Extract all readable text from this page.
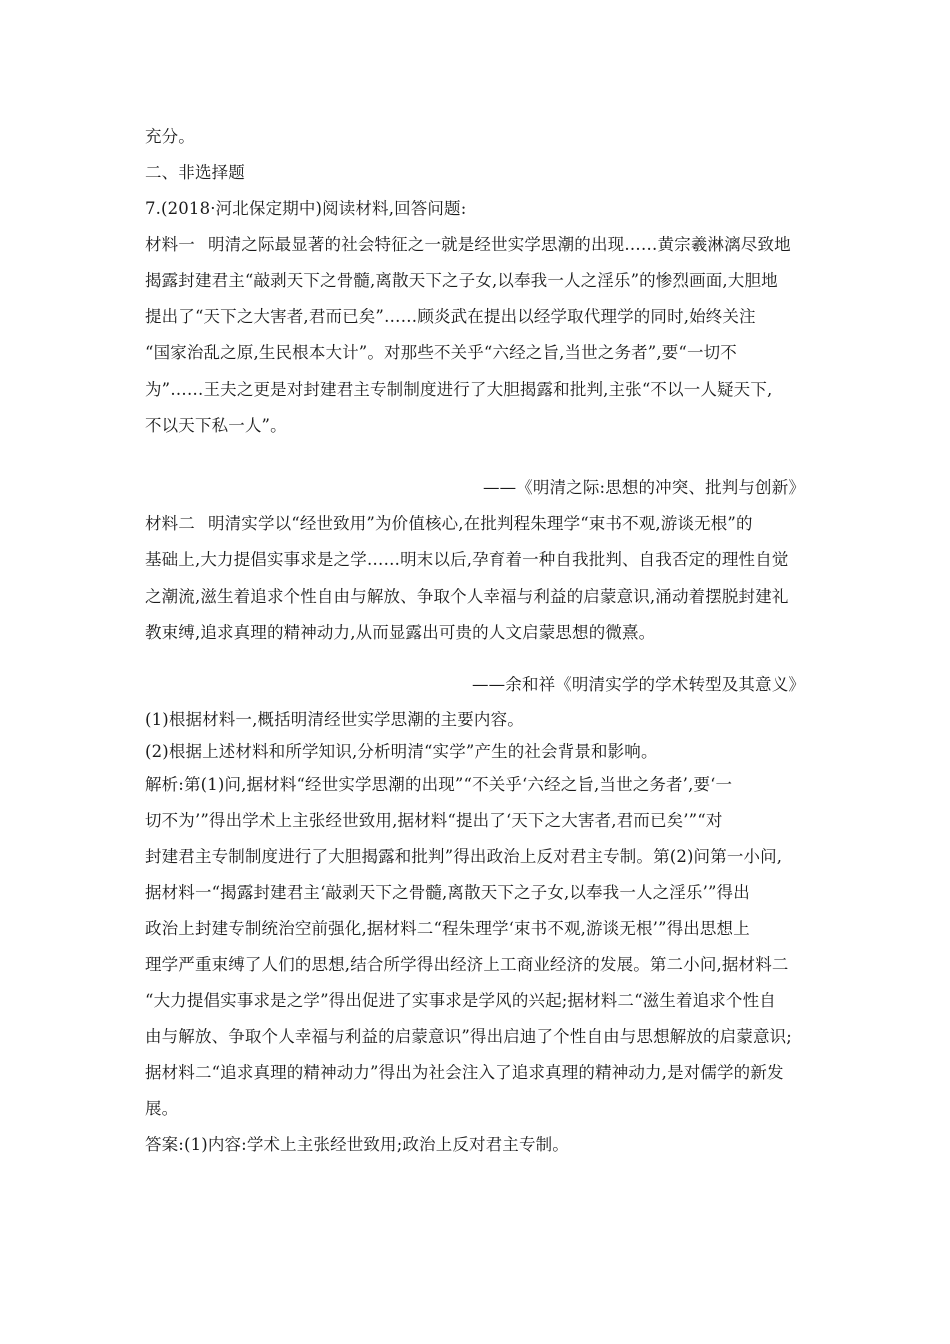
充分。
二、非选择题
7.(2018·河北保定期中)阅读材料,回答问题:
材料一 明清之际最显著的社会特征之一就是经世实学思潮的出现……黄宗羲淋漓尽致地
揭露封建君主“敲剥天下之骨髓,离散天下之子女,以奉我一人之淫乐”的惨烈画面,大胆地
提出了“天下之大害者,君而已矣”……顾炎武在提出以经学取代理学的同时,始终关注
“国家治乱之原,生民根本大计”。对那些不关乎“六经之旨,当世之务者”,要“一切不
为”……王夫之更是对封建君主专制制度进行了大胆揭露和批判,主张“不以一人疑天下,
不以天下私一人”。
——《明清之际:思想的冲突、批判与创新》
材料二 明清实学以“经世致用”为价值核心,在批判程朱理学“束书不观,游谈无根”的
基础上,大力提倡实事求是之学……明末以后,孕育着一种自我批判、自我否定的理性自觉
之潮流,滋生着追求个性自由与解放、争取个人幸福与利益的启蒙意识,涌动着摆脱封建礼
教束缚,追求真理的精神动力,从而显露出可贵的人文启蒙思想的微熹。
——余和祥《明清实学的学术转型及其意义》
(1)根据材料一,概括明清经世实学思潮的主要内容。
(2)根据上述材料和所学知识,分析明清“实学”产生的社会背景和影响。
解析:第(1)问,据材料“经世实学思潮的出现”“不关乎‘六经之旨,当世之务者’,要‘一
切不为’”得出学术上主张经世致用,据材料“提出了‘天下之大害者,君而已矣’”“对
封建君主专制制度进行了大胆揭露和批判”得出政治上反对君主专制。第(2)问第一小问,
据材料一“揭露封建君主‘敲剥天下之骨髓,离散天下之子女,以奉我一人之淫乐’”得出
政治上封建专制统治空前强化,据材料二“程朱理学‘束书不观,游谈无根’”得出思想上
理学严重束缚了人们的思想,结合所学得出经济上工商业经济的发展。第二小问,据材料二
“大力提倡实事求是之学”得出促进了实事求是学风的兴起;据材料二“滋生着追求个性自
由与解放、争取个人幸福与利益的启蒙意识”得出启迪了个性自由与思想解放的启蒙意识;
据材料二“追求真理的精神动力”得出为社会注入了追求真理的精神动力,是对儒学的新发
展。
答案:(1)内容:学术上主张经世致用;政治上反对君主专制。
